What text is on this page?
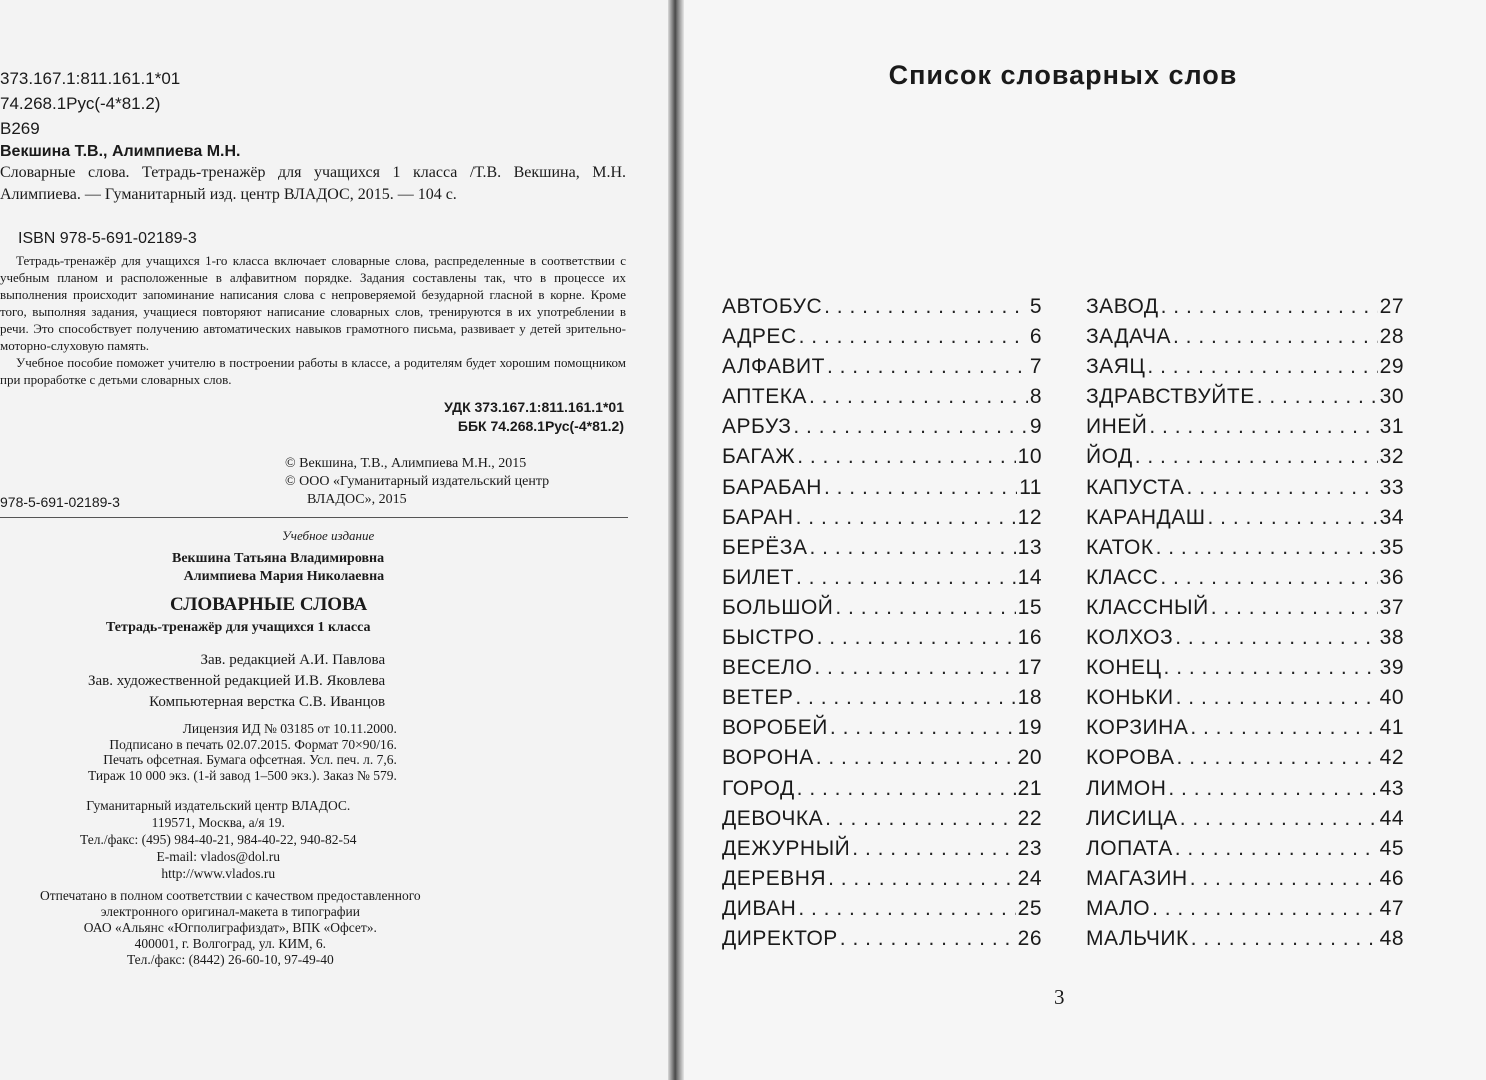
373.167.1:811.161.1*01
74.268.1Рус(-4*81.2)
В269
Векшина Т.В., Алимпиева М.Н.
Словарные слова. Тетрадь-тренажёр для учащихся 1 класса /Т.В. Векшина, М.Н. Алимпиева. — Гуманитарный изд. центр ВЛАДОС, 2015. — 104 с.
ISBN 978-5-691-02189-3
Тетрадь-тренажёр для учащихся 1-го класса включает словарные слова, распределенные в соответствии с учебным планом и расположенные в алфавитном порядке. Задания составлены так, что в процессе их выполнения происходит запоминание написания слова с непроверяемой безударной гласной в корне. Кроме того, выполняя задания, учащиеся повторяют написание словарных слов, тренируются в их употреблении в речи. Это способствует получению автоматических навыков грамотного письма, развивает у детей зрительно-моторно-слуховую память.
Учебное пособие поможет учителю в построении работы в классе, а родителям будет хорошим помощником при проработке с детьми словарных слов.
УДК 373.167.1:811.161.1*01
ББК 74.268.1Рус(-4*81.2)
© Векшина, Т.В., Алимпиева М.Н., 2015
© ООО «Гуманитарный издательский центр
ВЛАДОС», 2015
978-5-691-02189-3
Учебное издание
Векшина Татьяна Владимировна
Алимпиева Мария Николаевна
СЛОВАРНЫЕ СЛОВА
Тетрадь-тренажёр для учащихся 1 класса
Зав. редакцией А.И. Павлова
Зав. художественной редакцией И.В. Яковлева
Компьютерная верстка С.В. Иванцов
Лицензия ИД № 03185 от 10.11.2000.
Подписано в печать 02.07.2015. Формат 70×90/16.
Печать офсетная. Бумага офсетная. Усл. печ. л. 7,6.
Тираж 10 000 экз. (1-й завод 1–500 экз.). Заказ № 579.
Гуманитарный издательский центр ВЛАДОС.
119571, Москва, а/я 19.
Тел./факс: (495) 984-40-21, 984-40-22, 940-82-54
E-mail: vlados@dol.ru
http://www.vlados.ru
Отпечатано в полном соответствии с качеством предоставленного
электронного оригинал-макета в типографии
ОАО «Альянс «Югполиграфиздат», ВПК «Офсет».
400001, г. Волгоград, ул. КИМ, 6.
Тел./факс: (8442) 26-60-10, 97-49-40
Список словарных слов
АВТОБУС . . .	5
АДРЕС . . .	6
АЛФАВИТ . . .	7
АПТЕКА . . .	8
АРБУЗ . . .	9
БАГАЖ . . .	10
БАРАБАН . . .	11
БАРАН . . .	12
БЕРЁЗА . . .	13
БИЛЕТ . . .	14
БОЛЬШОЙ . . .	15
БЫСТРО . . .	16
ВЕСЕЛО . . .	17
ВЕТЕР . . .	18
ВОРОБЕЙ . . .	19
ВОРОНА . . .	20
ГОРОД . . .	21
ДЕВОЧКА . . .	22
ДЕЖУРНЫЙ . . .	23
ДЕРЕВНЯ . . .	24
ДИВАН . . .	25
ДИРЕКТОР . . .	26
ЗАВОД . . .	27
ЗАДАЧА . . .	28
ЗАЯЦ . . .	29
ЗДРАВСТВУЙТЕ . . .	30
ИНЕЙ . . .	31
ЙОД . . .	32
КАПУСТА . . .	33
КАРАНДАШ . . .	34
КАТОК . . .	35
КЛАСС . . .	36
КЛАССНЫЙ . . .	37
КОЛХОЗ . . .	38
КОНЕЦ . . .	39
КОНЬКИ . . .	40
КОРЗИНА . . .	41
КОРОВА . . .	42
ЛИМОН . . .	43
ЛИСИЦА . . .	44
ЛОПАТА . . .	45
МАГАЗИН . . .	46
МАЛО . . .	47
МАЛЬЧИК . . .	48
3
